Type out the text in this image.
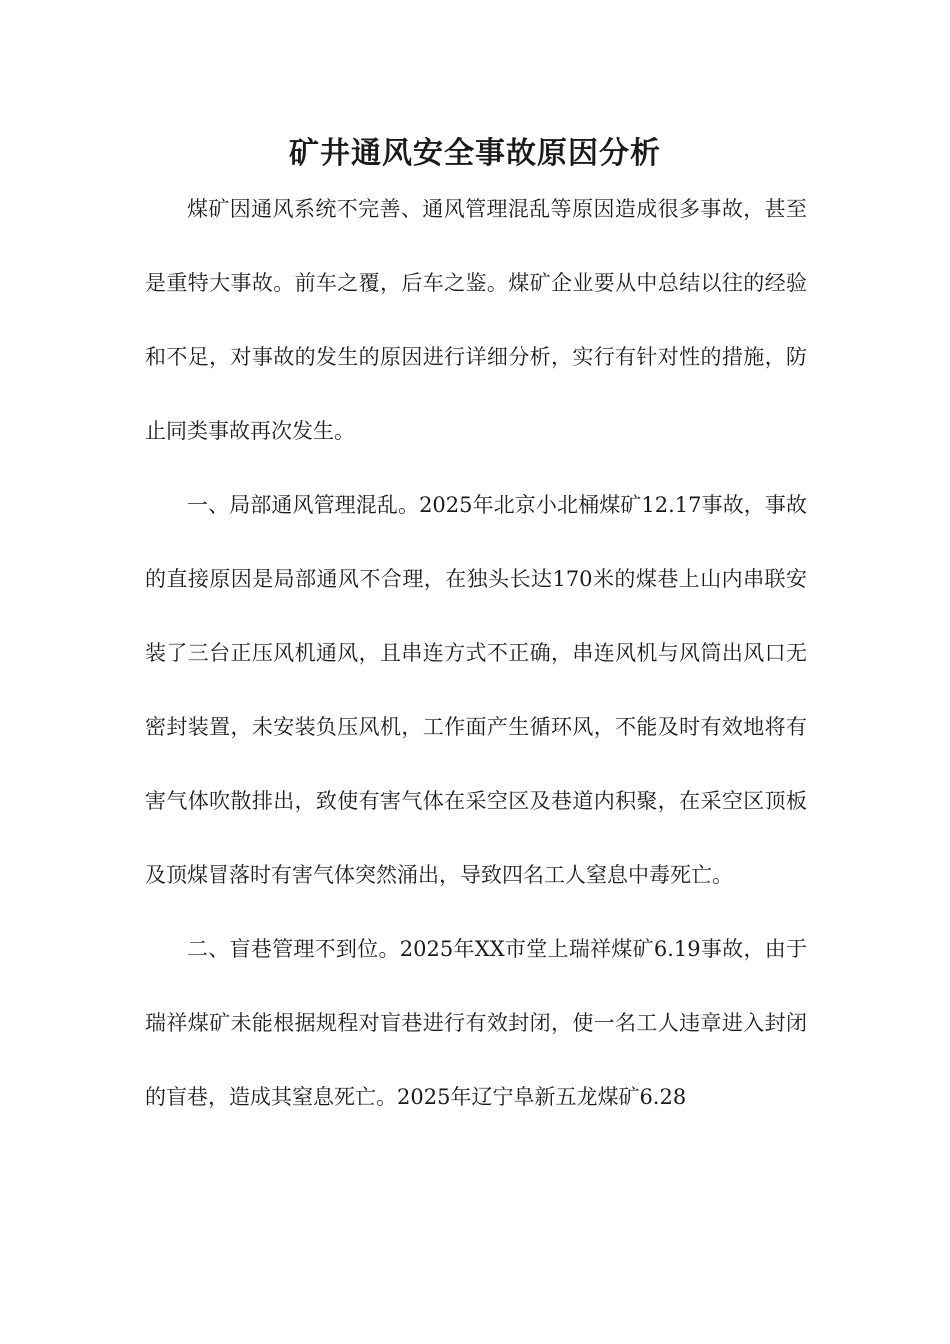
矿井通风安全事故原因分析

煤矿因通风系统不完善、通风管理混乱等原因造成很多事故，甚至是重特大事故。前车之覆，后车之鉴。煤矿企业要从中总结以往的经验和不足，对事故的发生的原因进行详细分析，实行有针对性的措施，防止同类事故再次发生。

一、局部通风管理混乱。2025年北京小北桶煤矿12.17事故，事故的直接原因是局部通风不合理，在独头长达170米的煤巷上山内串联安装了三台正压风机通风，且串连方式不正确，串连风机与风筒出风口无密封装置，未安装负压风机，工作面产生循环风，不能及时有效地将有害气体吹散排出，致使有害气体在采空区及巷道内积聚，在采空区顶板及顶煤冒落时有害气体突然涌出，导致四名工人窒息中毒死亡。

二、盲巷管理不到位。2025年XX市堂上瑞祥煤矿6.19事故，由于瑞祥煤矿未能根据规程对盲巷进行有效封闭，使一名工人违章进入封闭的盲巷，造成其窒息死亡。2025年辽宁阜新五龙煤矿6.28
